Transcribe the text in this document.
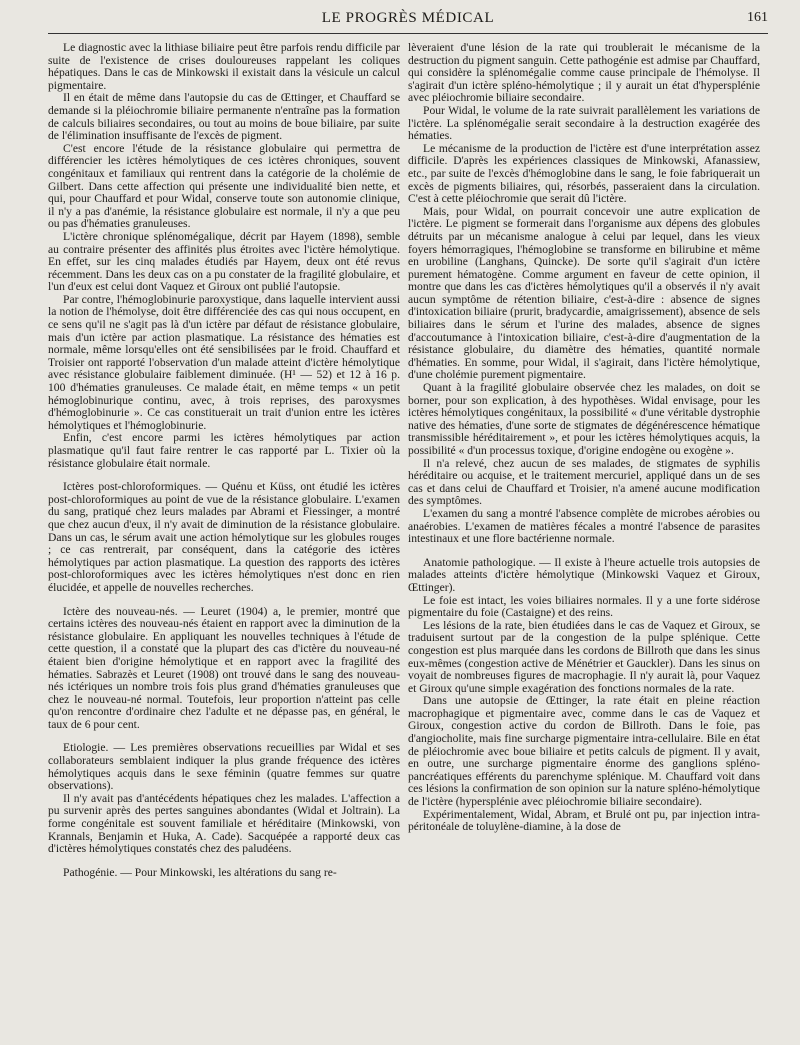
LE PROGRÈS MÉDICAL	161

Le diagnostic avec la lithiase biliaire peut être parfois rendu difficile par suite de l'existence de crises douloureuses rappelant les coliques hépatiques. Dans le cas de Minkowski il existait dans la vésicule un calcul pigmentaire.

Il en était de même dans l'autopsie du cas de Œttinger, et Chauffard se demande si la pléiochromie biliaire permanente n'entraîne pas la formation de calculs biliaires secondaires, ou tout au moins de boue biliaire, par suite de l'élimination insuffisante de l'excès de pigment.

C'est encore l'étude de la résistance globulaire qui permettra de différencier les ictères hémolytiques de ces ictères chroniques, souvent congénitaux et familiaux qui rentrent dans la catégorie de la cholémie de Gilbert. Dans cette affection qui présente une individualité bien nette, et qui, pour Chauffard et pour Widal, conserve toute son autonomie clinique, il n'y a pas d'anémie, la résistance globulaire est normale, il n'y a que peu ou pas d'hématies granuleuses.

L'ictère chronique splénomégalique, décrit par Hayem (1898), semble au contraire présenter des affinités plus étroites avec l'ictère hémolytique. En effet, sur les cinq malades étudiés par Hayem, deux ont été revus récemment. Dans les deux cas on a pu constater de la fragilité globulaire, et l'un d'eux est celui dont Vaquez et Giroux ont publié l'autopsie.

Par contre, l'hémoglobinurie paroxystique, dans laquelle intervient aussi la notion de l'hémolyse, doit être différenciée des cas qui nous occupent, en ce sens qu'il ne s'agit pas là d'un ictère par défaut de résistance globulaire, mais d'un ictère par action plasmatique. La résistance des hématies est normale, même lorsqu'elles ont été sensibilisées par le froid. Chauffard et Troisier ont rapporté l'observation d'un malade atteint d'ictère hémolytique avec résistance globulaire faiblement diminuée. (H¹ — 52) et 12 à 16 p. 100 d'hématies granuleuses. Ce malade était, en même temps « un petit hémoglobinurique continu, avec, à trois reprises, des paroxysmes d'hémoglobinurie ». Ce cas constituerait un trait d'union entre les ictères hémolytiques et l'hémoglobinurie.

Enfin, c'est encore parmi les ictères hémolytiques par action plasmatique qu'il faut faire rentrer le cas rapporté par L. Tixier où la résistance globulaire était normale.

Ictères post-chloroformiques. — Quénu et Küss, ont étudié les ictères post-chloroformiques au point de vue de la résistance globulaire. L'examen du sang, pratiqué chez leurs malades par Abrami et Fiessinger, a montré que chez aucun d'eux, il n'y avait de diminution de la résistance globulaire. Dans un cas, le sérum avait une action hémolytique sur les globules rouges ; ce cas rentrerait, par conséquent, dans la catégorie des ictères hémolytiques par action plasmatique. La question des rapports des ictères post-chloroformiques avec les ictères hémolytiques n'est donc en rien élucidée, et appelle de nouvelles recherches.

Ictère des nouveau-nés. — Leuret (1904) a, le premier, montré que certains ictères des nouveau-nés étaient en rapport avec la diminution de la résistance globulaire. En appliquant les nouvelles techniques à l'étude de cette question, il a constaté que la plupart des cas d'ictère du nouveau-né étaient bien d'origine hémolytique et en rapport avec la fragilité des hématies. Sabrazès et Leuret (1908) ont trouvé dans le sang des nouveau-nés ictériques un nombre trois fois plus grand d'hématies granuleuses que chez le nouveau-né normal. Toutefois, leur proportion n'atteint pas celle qu'on rencontre d'ordinaire chez l'adulte et ne dépasse pas, en général, le taux de 6 pour cent.

Etiologie. — Les premières observations recueillies par Widal et ses collaborateurs semblaient indiquer la plus grande fréquence des ictères hémolytiques acquis dans le sexe féminin (quatre femmes sur quatre observations).

Il n'y avait pas d'antécédents hépatiques chez les malades. L'affection a pu survenir après des pertes sanguines abondantes (Widal et Joltrain). La forme congénitale est souvent familiale et héréditaire (Minkowski, von Krannals, Benjamin et Huka, A. Cade). Sacquépée a rapporté deux cas d'ictères hémolytiques constatés chez des paludéens.

Pathogénie. — Pour Minkowski, les altérations du sang re-

lèveraient d'une lésion de la rate qui troublerait le mécanisme de la destruction du pigment sanguin. Cette pathogénie est admise par Chauffard, qui considère la splénomégalie comme cause principale de l'hémolyse. Il s'agirait d'un ictère spléno-hémolytique ; il y aurait un état d'hypersplénie avec pléiochromie biliaire secondaire.

Pour Widal, le volume de la rate suivrait parallèlement les variations de l'ictère. La splénomégalie serait secondaire à la destruction exagérée des hématies.

Le mécanisme de la production de l'ictère est d'une interprétation assez difficile. D'après les expériences classiques de Minkowski, Afanassiew, etc., par suite de l'excès d'hémoglobine dans le sang, le foie fabriquerait un excès de pigments biliaires, qui, résorbés, passeraient dans la circulation. C'est à cette pléiochromie que serait dû l'ictère.

Mais, pour Widal, on pourrait concevoir une autre explication de l'ictère. Le pigment se formerait dans l'organisme aux dépens des globules détruits par un mécanisme analogue à celui par lequel, dans les vieux foyers hémorragiques, l'hémoglobine se transforme en bilirubine et même en urobiline (Langhans, Quincke). De sorte qu'il s'agirait d'un ictère purement hématogène. Comme argument en faveur de cette opinion, il montre que dans les cas d'ictères hémolytiques qu'il a observés il n'y avait aucun symptôme de rétention biliaire, c'est-à-dire : absence de signes d'intoxication biliaire (prurit, bradycardie, amaigrissement), absence de sels biliaires dans le sérum et l'urine des malades, absence de signes d'accoutumance à l'intoxication biliaire, c'est-à-dire d'augmentation de la résistance globulaire, du diamètre des hématies, quantité normale d'hématies. En somme, pour Widal, il s'agirait, dans l'ictère hémolytique, d'une cholémie purement pigmentaire.

Quant à la fragilité globulaire observée chez les malades, on doit se borner, pour son explication, à des hypothèses. Widal envisage, pour les ictères hémolytiques congénitaux, la possibilité « d'une véritable dystrophie native des hématies, d'une sorte de stigmates de dégénérescence hématique transmissible héréditairement », et pour les ictères hémolytiques acquis, la possibilité « d'un processus toxique, d'origine endogène ou exogène ».

Il n'a relevé, chez aucun de ses malades, de stigmates de syphilis héréditaire ou acquise, et le traitement mercuriel, appliqué dans un de ses cas et dans celui de Chauffard et Troisier, n'a amené aucune modification des symptômes.

L'examen du sang a montré l'absence complète de microbes aérobies ou anaérobies. L'examen de matières fécales a montré l'absence de parasites intestinaux et une flore bactérienne normale.

Anatomie pathologique. — Il existe à l'heure actuelle trois autopsies de malades atteints d'ictère hémolytique (Minkowski Vaquez et Giroux, Œttinger).

Le foie est intact, les voies biliaires normales. Il y a une forte sidérose pigmentaire du foie (Castaigne) et des reins.

Les lésions de la rate, bien étudiées dans le cas de Vaquez et Giroux, se traduisent surtout par de la congestion de la pulpe splénique. Cette congestion est plus marquée dans les cordons de Billroth que dans les sinus eux-mêmes (congestion active de Ménétrier et Gauckler). Dans les sinus on voyait de nombreuses figures de macrophagie. Il n'y aurait là, pour Vaquez et Giroux qu'une simple exagération des fonctions normales de la rate.

Dans une autopsie de Œttinger, la rate était en pleine réaction macrophagique et pigmentaire avec, comme dans le cas de Vaquez et Giroux, congestion active du cordon de Billroth. Dans le foie, pas d'angiocholite, mais fine surcharge pigmentaire intra-cellulaire. Bile en état de pléiochromie avec boue biliaire et petits calculs de pigment. Il y avait, en outre, une surcharge pigmentaire énorme des ganglions spléno-pancréatiques efférents du parenchyme splénique. M. Chauffard voit dans ces lésions la confirmation de son opinion sur la nature spléno-hémolytique de l'ictère (hypersplénie avec pléiochromie biliaire secondaire).

Expérimentalement, Widal, Abram, et Brulé ont pu, par injection intra-péritonéale de toluylène-diamine, à la dose de
